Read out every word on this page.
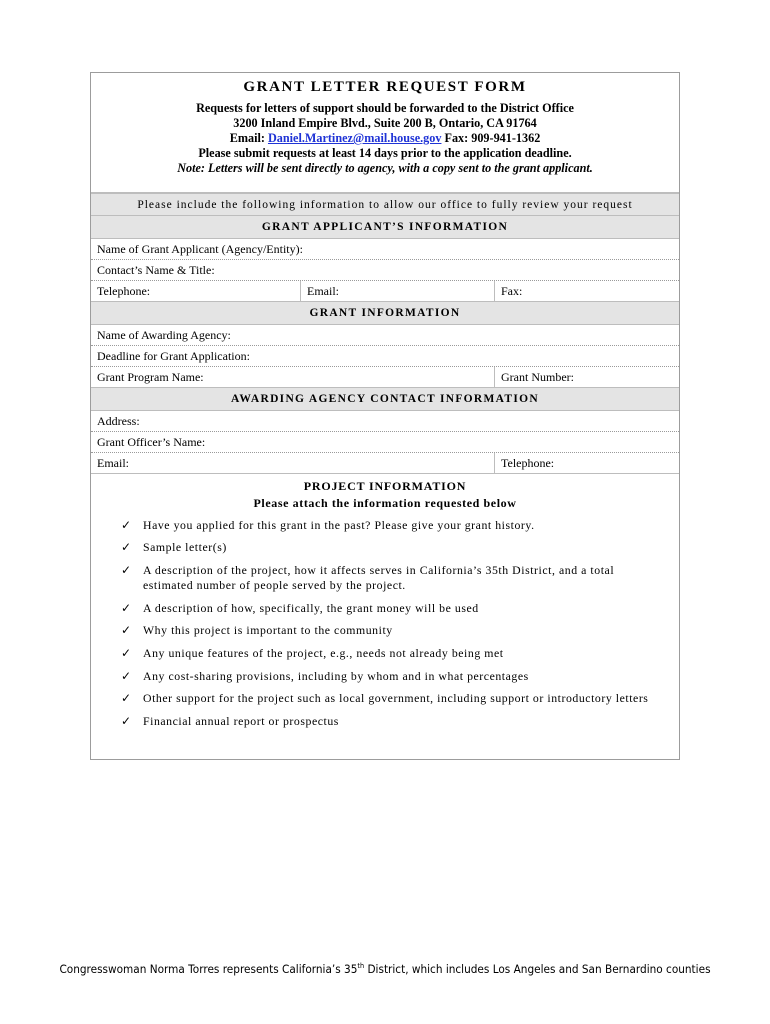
GRANT LETTER REQUEST FORM
Requests for letters of support should be forwarded to the District Office
3200 Inland Empire Blvd., Suite 200 B, Ontario, CA 91764
Email: Daniel.Martinez@mail.house.gov Fax: 909-941-1362
Please submit requests at least 14 days prior to the application deadline.
Note: Letters will be sent directly to agency, with a copy sent to the grant applicant.
Please include the following information to allow our office to fully review your request
GRANT APPLICANT’S INFORMATION
Name of Grant Applicant (Agency/Entity):
Contact’s Name & Title:
Telephone:	Email:	Fax:
GRANT INFORMATION
Name of Awarding Agency:
Deadline for Grant Application:
Grant Program Name:	Grant Number:
AWARDING AGENCY CONTACT INFORMATION
Address:
Grant Officer’s Name:
Email:	Telephone:
PROJECT INFORMATION
Please attach the information requested below
✓ Have you applied for this grant in the past? Please give your grant history.
✓ Sample letter(s)
✓ A description of the project, how it affects serves in California’s 35th District, and a total estimated number of people served by the project.
✓ A description of how, specifically, the grant money will be used
✓ Why this project is important to the community
✓ Any unique features of the project, e.g., needs not already being met
✓ Any cost-sharing provisions, including by whom and in what percentages
✓ Other support for the project such as local government, including support or introductory letters
✓ Financial annual report or prospectus
Congresswoman Norma Torres represents California’s 35th District, which includes Los Angeles and San Bernardino counties
